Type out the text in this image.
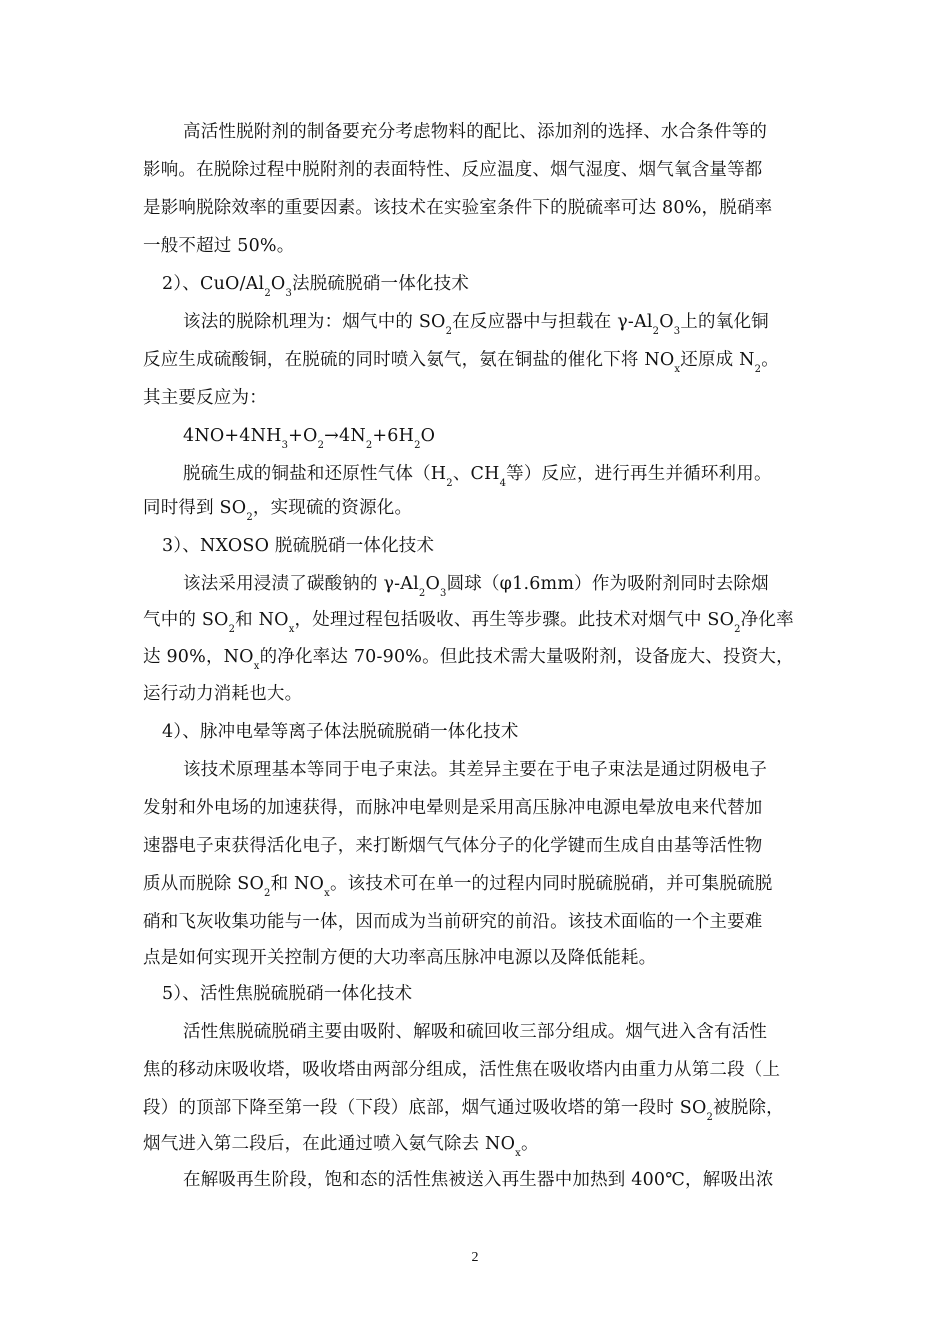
高活性脱附剂的制备要充分考虑物料的配比、添加剂的选择、水合条件等的
影响。在脱除过程中脱附剂的表面特性、反应温度、烟气湿度、烟气氧含量等都
是影响脱除效率的重要因素。该技术在实验室条件下的脱硫率可达 80%，脱硝率
一般不超过 50%。
2）、CuO/$Al_2O_3$法脱硫脱硝一体化技术
该法的脱除机理为：烟气中的 $SO_2$在反应器中与担载在 $\gamma-Al_2O_3$上的氧化铜
反应生成硫酸铜，在脱硫的同时喷入氨气，氨在铜盐的催化下将 $NO_x$还原成 $N_2$。
其主要反应为：
$4NO+4NH_3+O_2\to 4N_2+6H_2O$
脱硫生成的铜盐和还原性气体（$H_2$、$CH_4$等）反应，进行再生并循环利用。
同时得到 $SO_2$，实现硫的资源化。
3）、NXOSO 脱硫脱硝一体化技术
该法采用浸渍了碳酸钠的 $\gamma-Al_2O_3$圆球（φ1.6mm）作为吸附剂同时去除烟
气中的 $SO_2$和 $NO_x$，处理过程包括吸收、再生等步骤。此技术对烟气中 $SO_2$净化率
达 90%，$NO_x$的净化率达 70-90%。但此技术需大量吸附剂，设备庞大、投资大，
运行动力消耗也大。
4）、脉冲电晕等离子体法脱硫脱硝一体化技术
该技术原理基本等同于电子束法。其差异主要在于电子束法是通过阴极电子
发射和外电场的加速获得，而脉冲电晕则是采用高压脉冲电源电晕放电来代替加
速器电子束获得活化电子，来打断烟气气体分子的化学键而生成自由基等活性物
质从而脱除 $SO_2$和 $NO_x$。该技术可在单一的过程内同时脱硫脱硝，并可集脱硫脱
硝和飞灰收集功能与一体，因而成为当前研究的前沿。该技术面临的一个主要难
点是如何实现开关控制方便的大功率高压脉冲电源以及降低能耗。
5）、活性焦脱硫脱硝一体化技术
活性焦脱硫脱硝主要由吸附、解吸和硫回收三部分组成。烟气进入含有活性
焦的移动床吸收塔，吸收塔由两部分组成，活性焦在吸收塔内由重力从第二段（上
段）的顶部下降至第一段（下段）底部，烟气通过吸收塔的第一段时 $SO_2$被脱除，
烟气进入第二段后，在此通过喷入氨气除去 $NO_x$。
在解吸再生阶段，饱和态的活性焦被送入再生器中加热到 400℃，解吸出浓
2
